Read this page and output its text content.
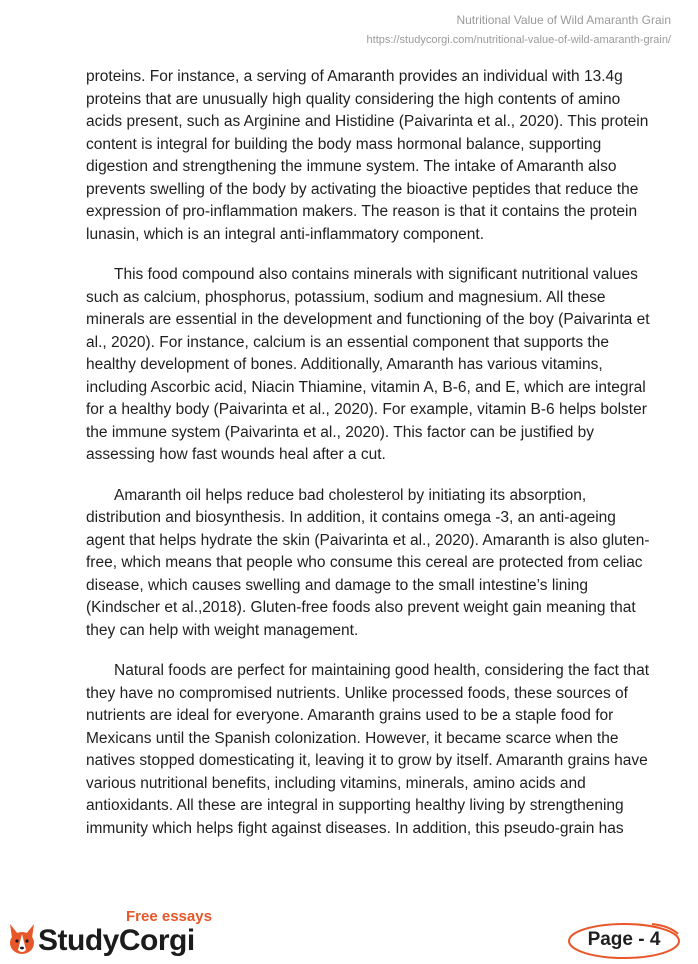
Nutritional Value of Wild Amaranth Grain
https://studycorgi.com/nutritional-value-of-wild-amaranth-grain/

proteins. For instance, a serving of Amaranth provides an individual with 13.4g proteins that are unusually high quality considering the high contents of amino acids present, such as Arginine and Histidine (Paivarinta et al., 2020). This protein content is integral for building the body mass hormonal balance, supporting digestion and strengthening the immune system. The intake of Amaranth also prevents swelling of the body by activating the bioactive peptides that reduce the expression of pro-inflammation makers. The reason is that it contains the protein lunasin, which is an integral anti-inflammatory component.

This food compound also contains minerals with significant nutritional values such as calcium, phosphorus, potassium, sodium and magnesium. All these minerals are essential in the development and functioning of the boy (Paivarinta et al., 2020). For instance, calcium is an essential component that supports the healthy development of bones. Additionally, Amaranth has various vitamins, including Ascorbic acid, Niacin Thiamine, vitamin A, B-6, and E, which are integral for a healthy body (Paivarinta et al., 2020). For example, vitamin B-6 helps bolster the immune system (Paivarinta et al., 2020). This factor can be justified by assessing how fast wounds heal after a cut.

Amaranth oil helps reduce bad cholesterol by initiating its absorption, distribution and biosynthesis. In addition, it contains omega -3, an anti-ageing agent that helps hydrate the skin (Paivarinta et al., 2020). Amaranth is also gluten-free, which means that people who consume this cereal are protected from celiac disease, which causes swelling and damage to the small intestine’s lining (Kindscher et al.,2018). Gluten-free foods also prevent weight gain meaning that they can help with weight management.

Natural foods are perfect for maintaining good health, considering the fact that they have no compromised nutrients. Unlike processed foods, these sources of nutrients are ideal for everyone. Amaranth grains used to be a staple food for Mexicans until the Spanish colonization. However, it became scarce when the natives stopped domesticating it, leaving it to grow by itself. Amaranth grains have various nutritional benefits, including vitamins, minerals, amino acids and antioxidants. All these are integral in supporting healthy living by strengthening immunity which helps fight against diseases. In addition, this pseudo-grain has

Free essays
StudyCorgi	Page - 4
